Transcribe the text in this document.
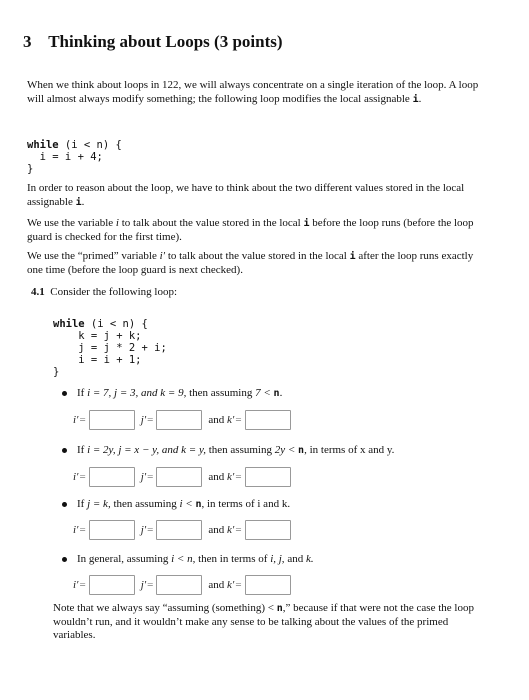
3 Thinking about Loops (3 points)
When we think about loops in 122, we will always concentrate on a single iteration of the loop. A loop will almost always modify something; the following loop modifies the local assignable i.

while (i < n) {
i = i + 4;
}

In order to reason about the loop, we have to think about the two different values stored in the local assignable i.
We use the variable i to talk about the value stored in the local i before the loop runs (before the loop guard is checked for the first time).
We use the “primed” variable i′ to talk about the value stored in the local i after the loop runs exactly one time (before the loop guard is next checked).
4.1 Consider the following loop:

while (i < n) {
k = j + k;
j = j * 2 + i;
i = i + 1;
}

If i = 7, j = 3, and k = 9, then assuming 7 < n.
i′ =	j′ =	and
k′ =
If i = 2y, j = x − y, and k = y, then assuming 2y < n, in terms of x and y.
i′ =	j′ =	and
k′ =
If j = k, then assuming i < n, in terms of i and k.
i′ =	j′ =	and
k′ =
In general, assuming i < n, then in terms of i, j, and k.
i′ =	j′ =	and
k′ =
Note that we always say “assuming (something) < n,” because if that were not the case the loop wouldn’t run, and it wouldn’t make any sense to be talking about the values of the primed variables.
